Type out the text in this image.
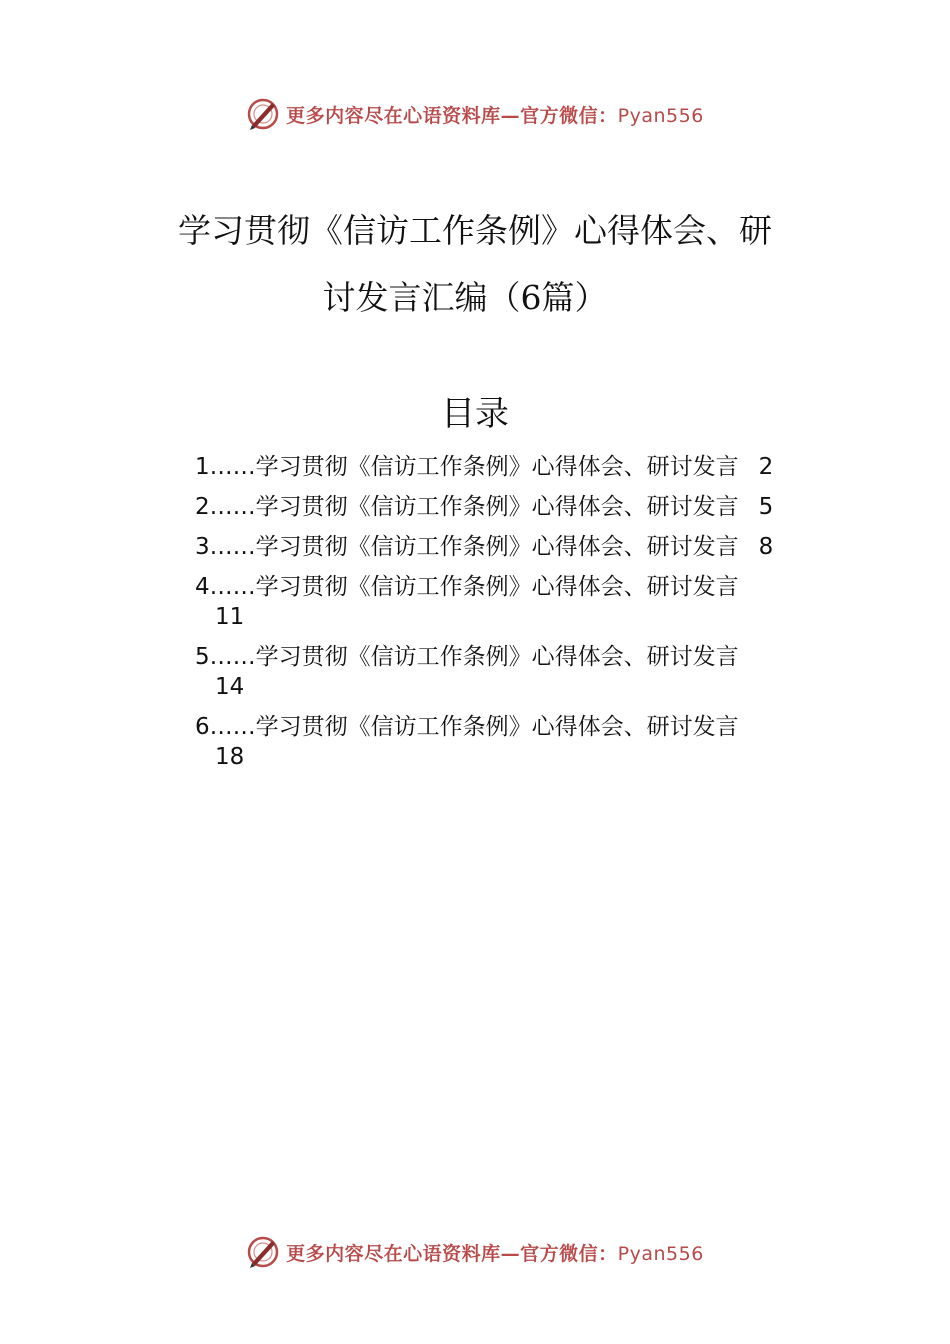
更多内容尽在心语资料库—官方微信：Pyan556
学习贯彻《信访工作条例》心得体会、研
讨发言汇编（6篇）
目录
1……学习贯彻《信访工作条例》心得体会、研讨发言 2
2……学习贯彻《信访工作条例》心得体会、研讨发言 5
3……学习贯彻《信访工作条例》心得体会、研讨发言 8
4……学习贯彻《信访工作条例》心得体会、研讨发言
11
5……学习贯彻《信访工作条例》心得体会、研讨发言
14
6……学习贯彻《信访工作条例》心得体会、研讨发言
18
更多内容尽在心语资料库—官方微信：Pyan556
